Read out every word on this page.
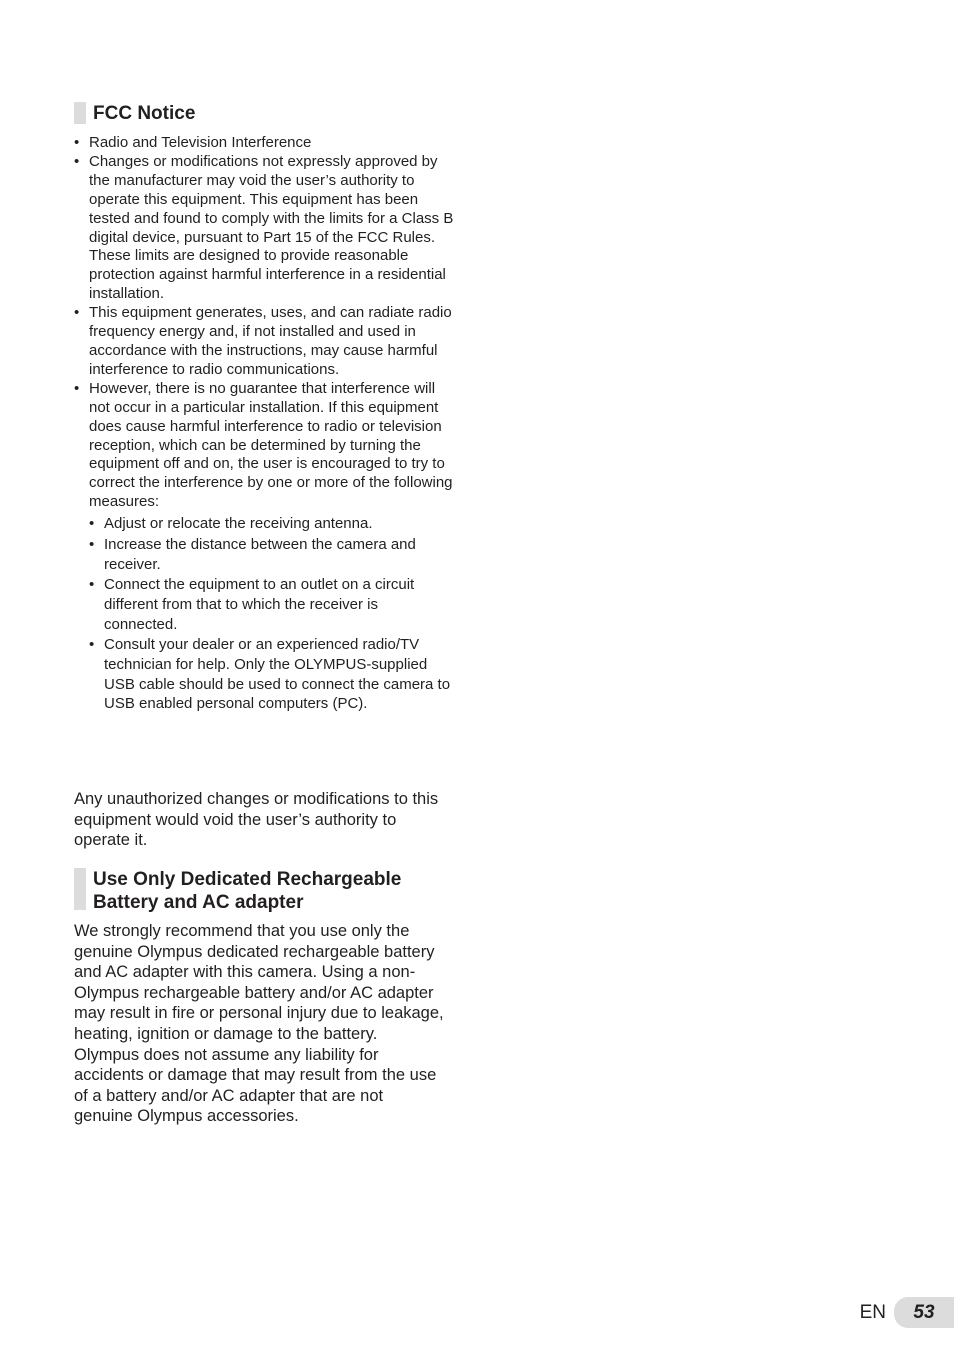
FCC Notice
• Radio and Television Interference
• Changes or modifications not expressly approved by the manufacturer may void the user’s authority to operate this equipment. This equipment has been tested and found to comply with the limits for a Class B digital device, pursuant to Part 15 of the FCC Rules. These limits are designed to provide reasonable protection against harmful interference in a residential installation.
• This equipment generates, uses, and can radiate radio frequency energy and, if not installed and used in accordance with the instructions, may cause harmful interference to radio communications.
• However, there is no guarantee that interference will not occur in a particular installation. If this equipment does cause harmful interference to radio or television reception, which can be determined by turning the equipment off and on, the user is encouraged to try to correct the interference by one or more of the following measures:
• Adjust or relocate the receiving antenna.
• Increase the distance between the camera and receiver.
• Connect the equipment to an outlet on a circuit different from that to which the receiver is connected.
• Consult your dealer or an experienced radio/TV technician for help. Only the OLYMPUS-supplied USB cable should be used to connect the camera to USB enabled personal computers (PC).

Any unauthorized changes or modifications to this equipment would void the user’s authority to operate it.

Use Only Dedicated Rechargeable
Battery and AC adapter

We strongly recommend that you use only the genuine Olympus dedicated rechargeable battery and AC adapter with this camera. Using a non-Olympus rechargeable battery and/or AC adapter may result in fire or personal injury due to leakage, heating, ignition or damage to the battery. Olympus does not assume any liability for accidents or damage that may result from the use of a battery and/or AC adapter that are not genuine Olympus accessories.

EN	53
